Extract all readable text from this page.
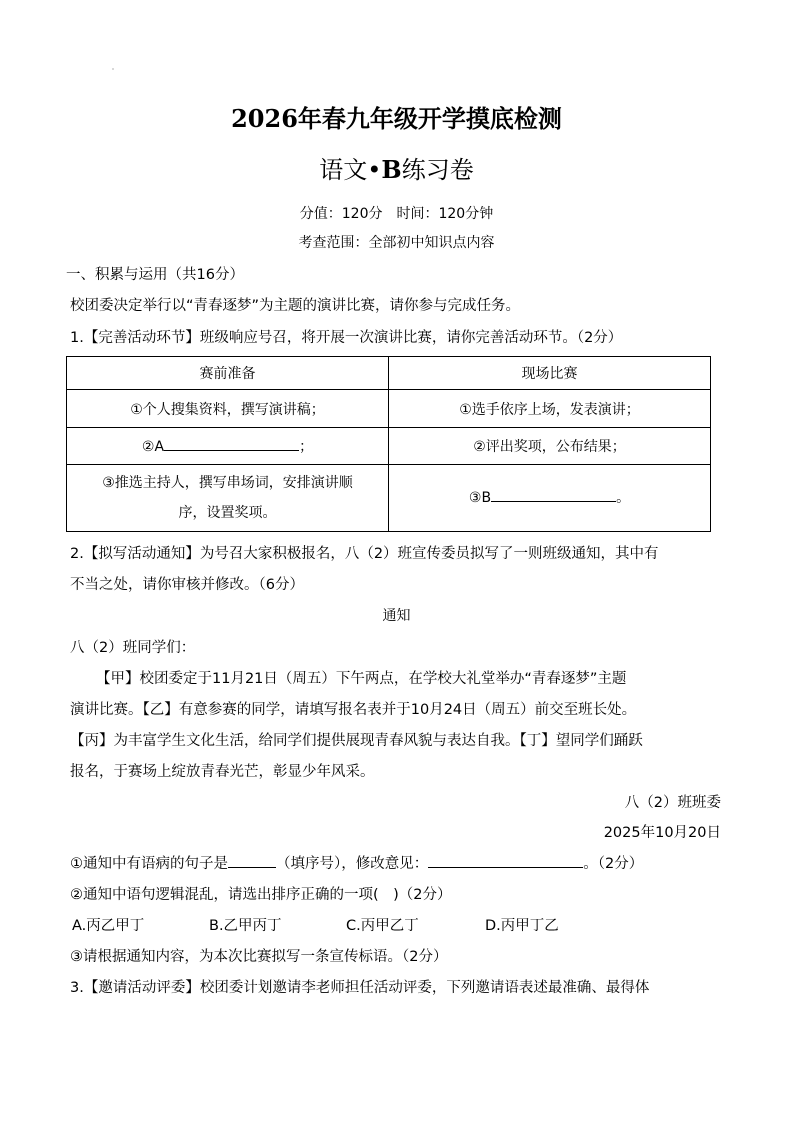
2026年春九年级开学摸底检测
语文•B练习卷
分值：120分　时间：120分钟
考查范围：全部初中知识点内容
一、积累与运用（共16分）
校团委决定举行以“青春逐梦”为主题的演讲比赛，请你参与完成任务。
1.【完善活动环节】班级响应号召，将开展一次演讲比赛，请你完善活动环节。（2分）
赛前准备	现场比赛
①个人搜集资料，撰写演讲稿；	①选手依序上场，发表演讲；
②A ；	②评出奖项，公布结果；

③推选主持人，撰写串场词，安排演讲顺
序，设置奖项。	③B 。
2.【拟写活动通知】为号召大家积极报名，八（2）班宣传委员拟写了一则班级通知，其中有
不当之处，请你审核并修改。（6分）
通知
八（2）班同学们：
【甲】校团委定于11月21日（周五）下午两点，在学校大礼堂举办“青春逐梦”主题
演讲比赛。【乙】有意参赛的同学，请填写报名表并于10月24日（周五）前交至班长处。
【丙】为丰富学生文化生活，给同学们提供展现青春风貌与表达自我。【丁】望同学们踊跃
报名，于赛场上绽放青春光芒，彰显少年风采。
八（2）班班委
2025年10月20日
①通知中有语病的句子是	（填序号），修改意见：	。（2分）
②通知中语句逻辑混乱，请选出排序正确的一项(　)（2分）
A.丙乙甲丁	B.乙甲丙丁	C.丙甲乙丁	D.丙甲丁乙
③请根据通知内容，为本次比赛拟写一条宣传标语。（2分）
3.【邀请活动评委】校团委计划邀请李老师担任活动评委，下列邀请语表述最准确、最得体
